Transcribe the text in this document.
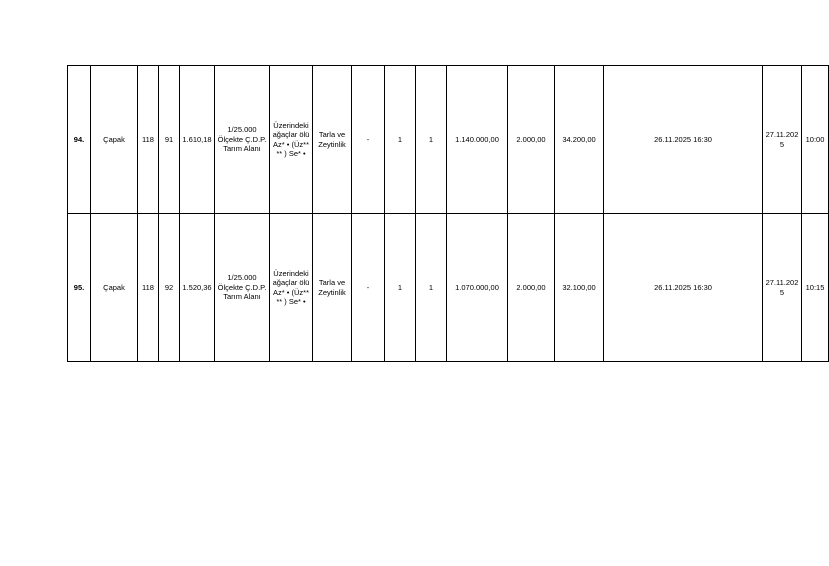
94.	Çapak	118	91	1.610,18	1/25.000 Ölçekte Ç.D.P. Tarım Alanı	Üzerindeki ağaçlar ölü Az* • (Üz**** ) Se* •	Tarla ve Zeytinlik	-	1	1	1.140.000,00	2.000,00	34.200,00	26.11.2025 16:30	27.11.2025	10:00
95.	Çapak	118	92	1.520,36	1/25.000 Ölçekte Ç.D.P. Tarım Alanı	Üzerindeki ağaçlar ölü Az* • (Üz**** ) Se* •	Tarla ve Zeytinlik	-	1	1	1.070.000,00	2.000,00	32.100,00	26.11.2025 16:30	27.11.2025	10:15
